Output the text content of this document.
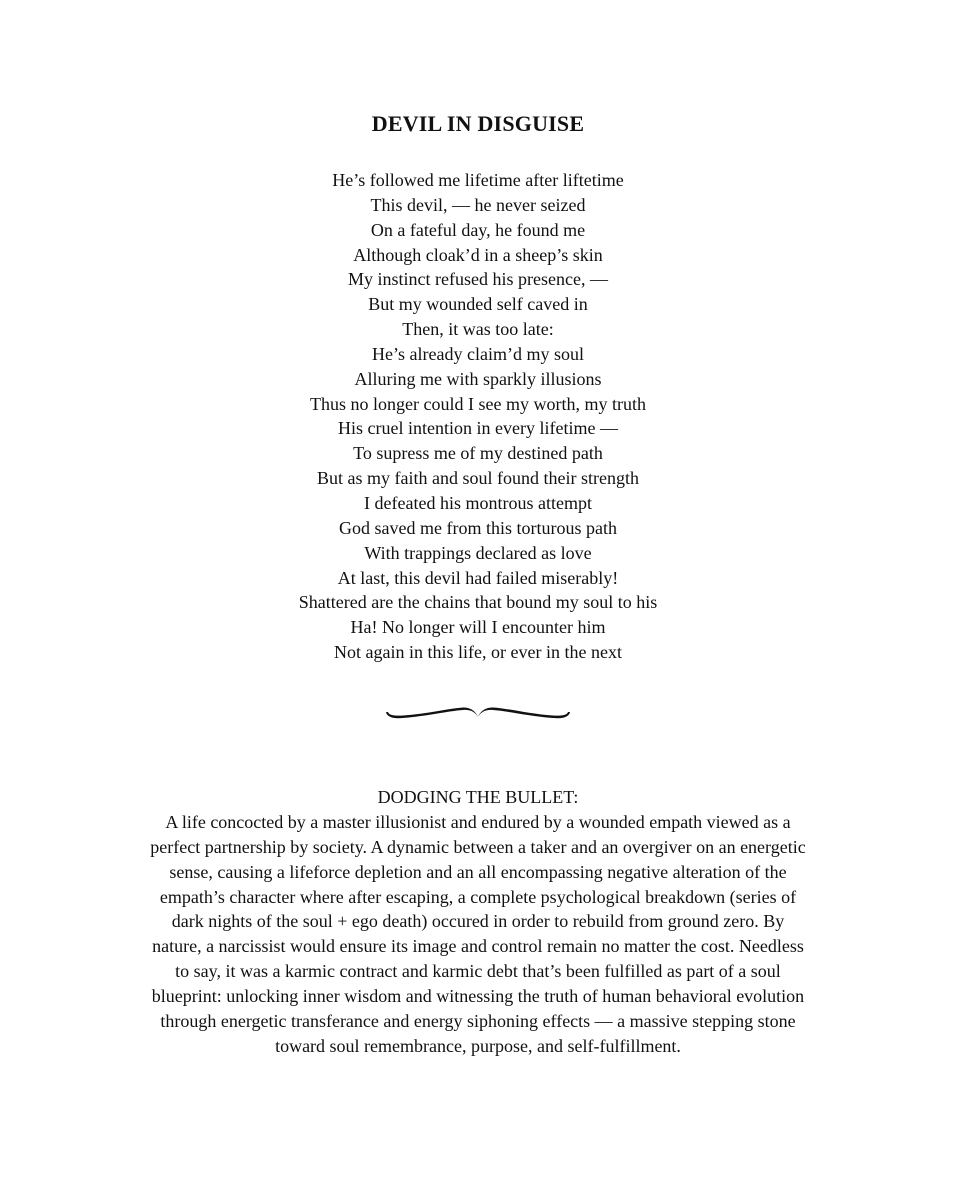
DEVIL IN DISGUISE
He’s followed me lifetime after liftetime
This devil, — he never seized
On a fateful day, he found me
Although cloak’d in a sheep’s skin
My instinct refused his presence, —
But my wounded self caved in
Then, it was too late:
He’s already claim’d my soul
Alluring me with sparkly illusions
Thus no longer could I see my worth, my truth
His cruel intention in every lifetime —
To supress me of my destined path
But as my faith and soul found their strength
I defeated his montrous attempt
God saved me from this torturous path
With trappings declared as love
At last, this devil had failed miserably!
Shattered are the chains that bound my soul to his
Ha! No longer will I encounter him
Not again in this life, or ever in the next
DODGING THE BULLET:

A life concocted by a master illusionist and endured by a wounded empath viewed as a perfect partnership by society. A dynamic between a taker and an overgiver on an energetic sense, causing a lifeforce depletion and an all encompassing negative alteration of the empath’s character where after escaping, a complete psychological breakdown (series of dark nights of the soul + ego death) occured in order to rebuild from ground zero. By nature, a narcissist would ensure its image and control remain no matter the cost. Needless to say, it was a karmic contract and karmic debt that’s been fulfilled as part of a soul blueprint: unlocking inner wisdom and witnessing the truth of human behavioral evolution through energetic transferance and energy siphoning effects — a massive stepping stone toward soul remembrance, purpose, and self-fulfillment.
